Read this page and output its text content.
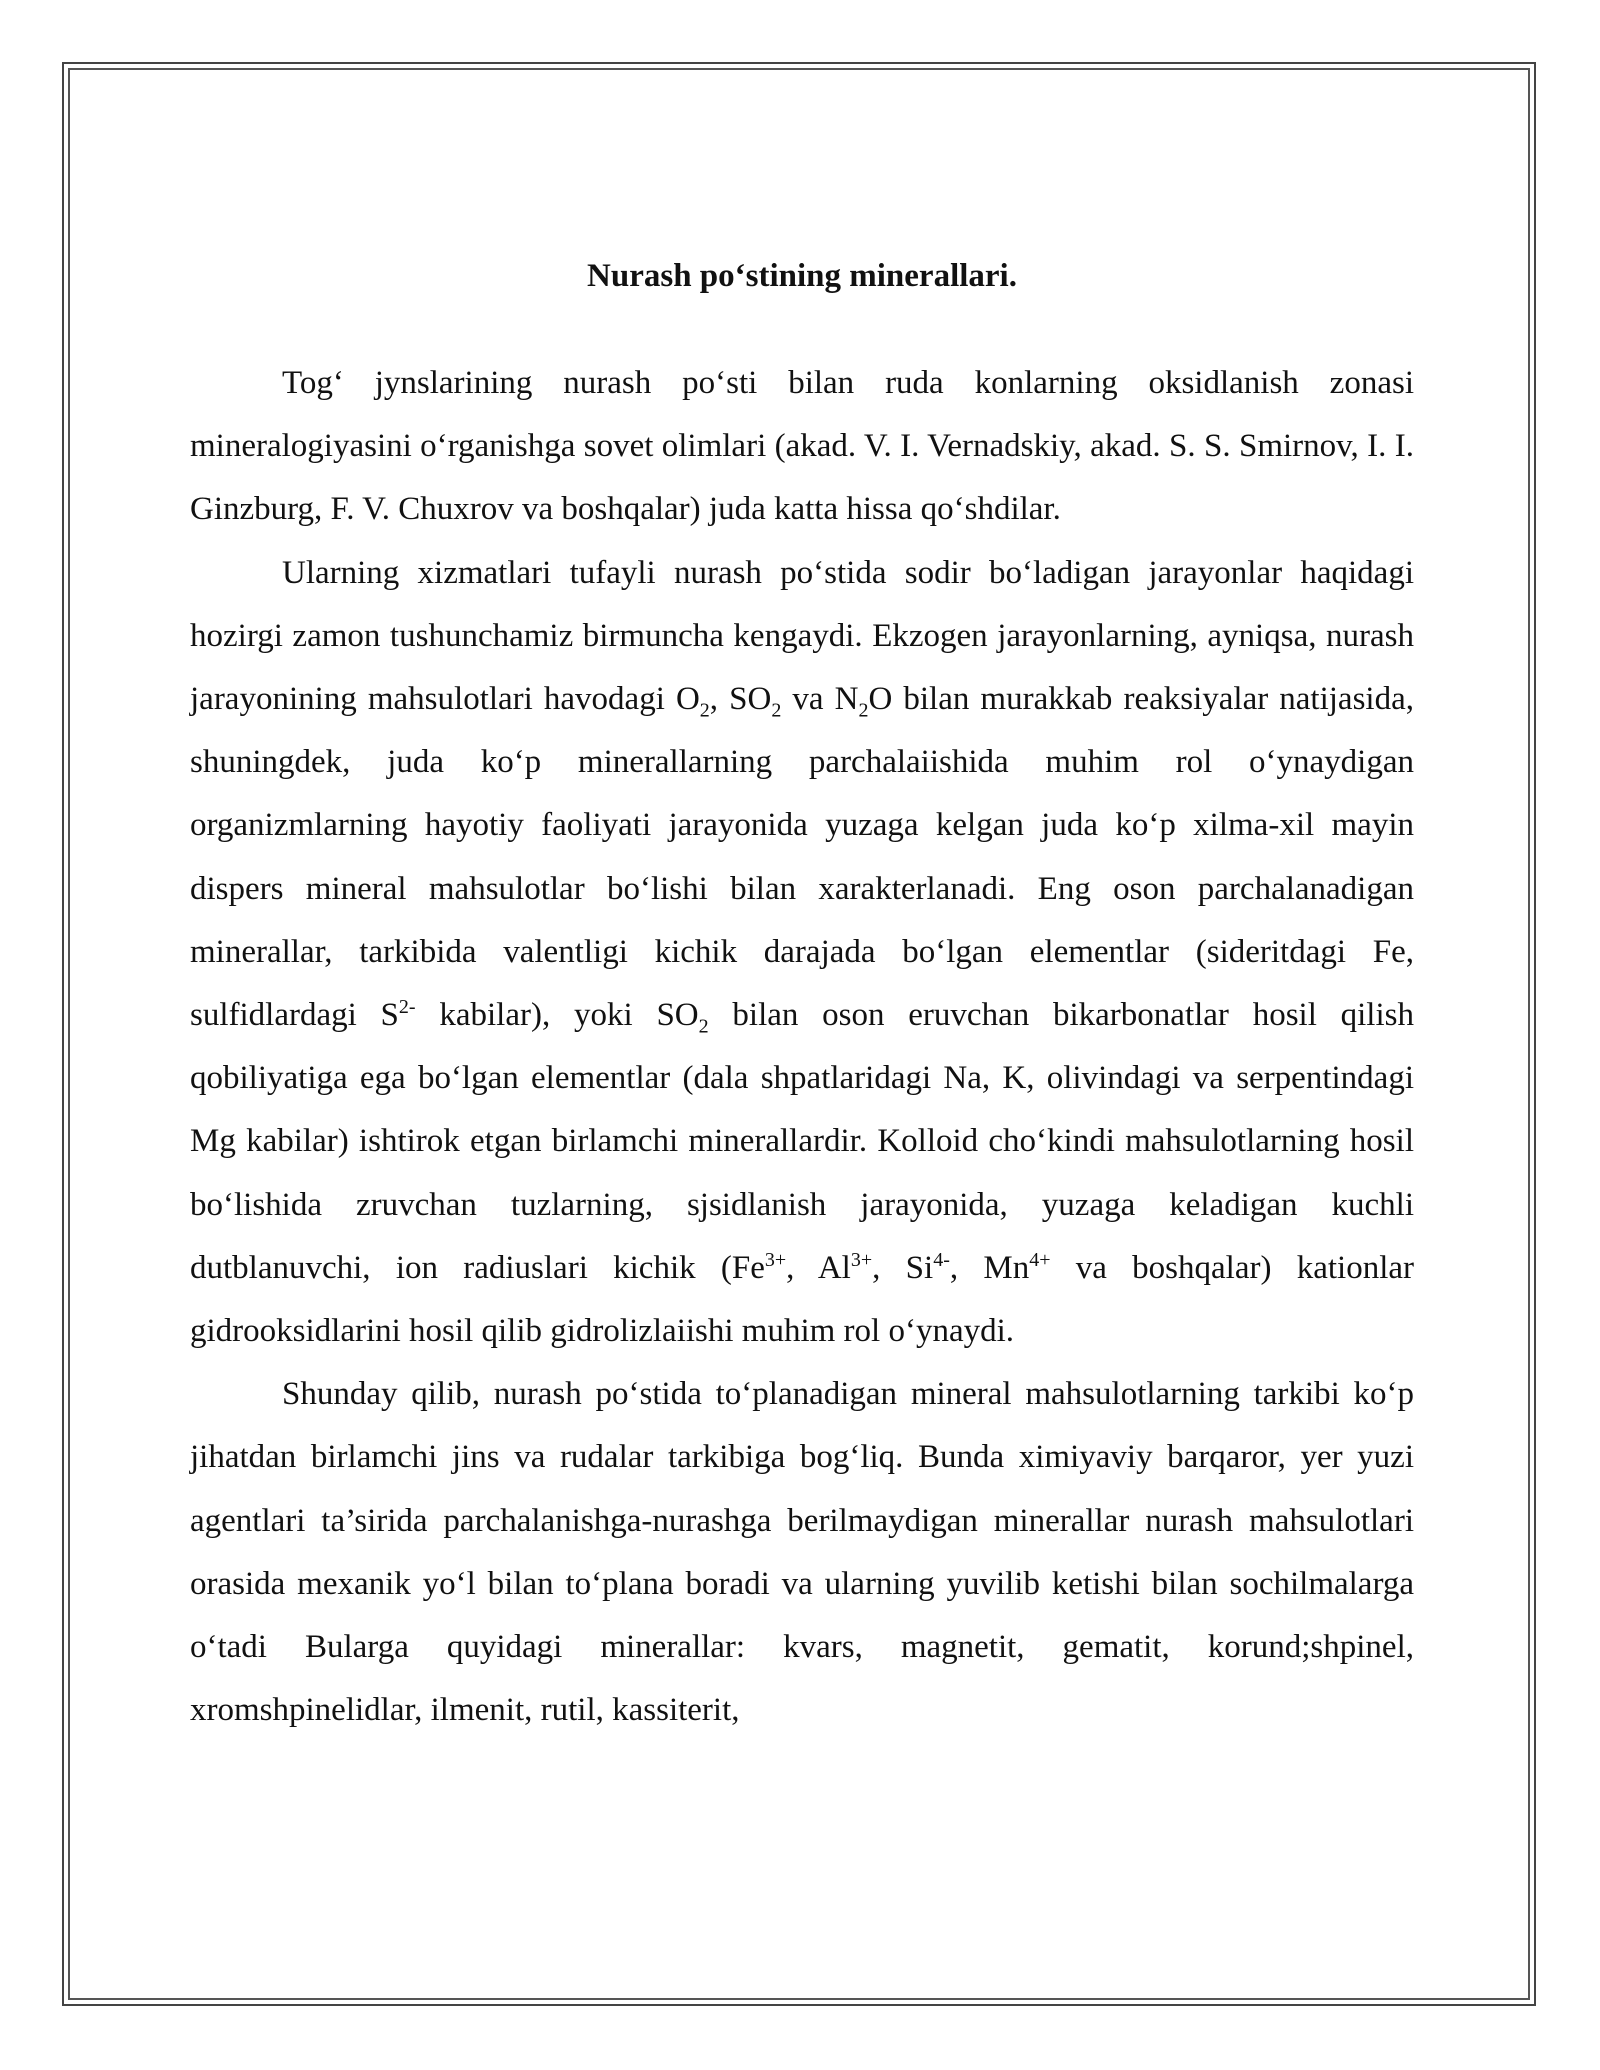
Nurash po‘stining minerallari.

Tog‘ jynslarining nurash po‘sti bilan ruda konlarning oksidlanish zonasi mineralogiyasini o‘rganishga sovet olimlari (akad. V. I. Vernadskiy, akad. S. S. Smirnov, I. I. Ginzburg, F. V. Chuxrov va boshqalar) juda katta hissa qo‘shdilar.

Ularning xizmatlari tufayli nurash po‘stida sodir bo‘ladigan jarayonlar haqidagi hozirgi zamon tushunchamiz birmuncha kengaydi. Ekzogen jarayonlarning, ayniqsa, nurash jarayonining mahsulotlari havodagi $O_2$, $SO_2$ va $N_2O$ bilan murakkab reaksiyalar natijasida, shuningdek, juda ko‘p minerallarning parchalaiishida muhim rol o‘ynaydigan organizmlarning hayotiy faoliyati jarayonida yuzaga kelgan juda ko‘p xilma-xil mayin dispers mineral mahsulotlar bo‘lishi bilan xarakterlanadi. Eng oson parchalanadigan minerallar, tarkibida valentligi kichik darajada bo‘lgan elementlar (sideritdagi Fe, sulfidlardagi $S^{2-}$ kabilar), yoki $SO_2$ bilan oson eruvchan bikarbonatlar hosil qilish qobiliyatiga ega bo‘lgan elementlar (dala shpatlaridagi Na, K, olivindagi va serpentindagi Mg kabilar) ishtirok etgan birlamchi minerallardir. Kolloid cho‘kindi mahsulotlarning hosil bo‘lishida zruvchan tuzlarning, sjsidlanish jarayonida, yuzaga keladigan kuchli dutblanuvchi, ion radiuslari kichik ($Fe^{3+}$, $Al^{3+}$, $Si^{4-}$, $Mn^{4+}$ va boshqalar) kationlar gidrooksidlarini hosil qilib gidrolizlaiishi muhim rol o‘ynaydi.

Shunday qilib, nurash po‘stida to‘planadigan mineral mahsulotlarning tarkibi ko‘p jihatdan birlamchi jins va rudalar tarkibiga bog‘liq. Bunda ximiyaviy barqaror, yer yuzi agentlari ta’sirida parchalanishga-nurashga berilmaydigan minerallar nurash mahsulotlari orasida mexanik yo‘l bilan to‘plana boradi va ularning yuvilib ketishi bilan sochilmalarga o‘tadi Bularga quyidagi minerallar: kvars, magnetit, gematit, korund;shpinel, xromshpinelidlar, ilmenit, rutil, kassiterit,
